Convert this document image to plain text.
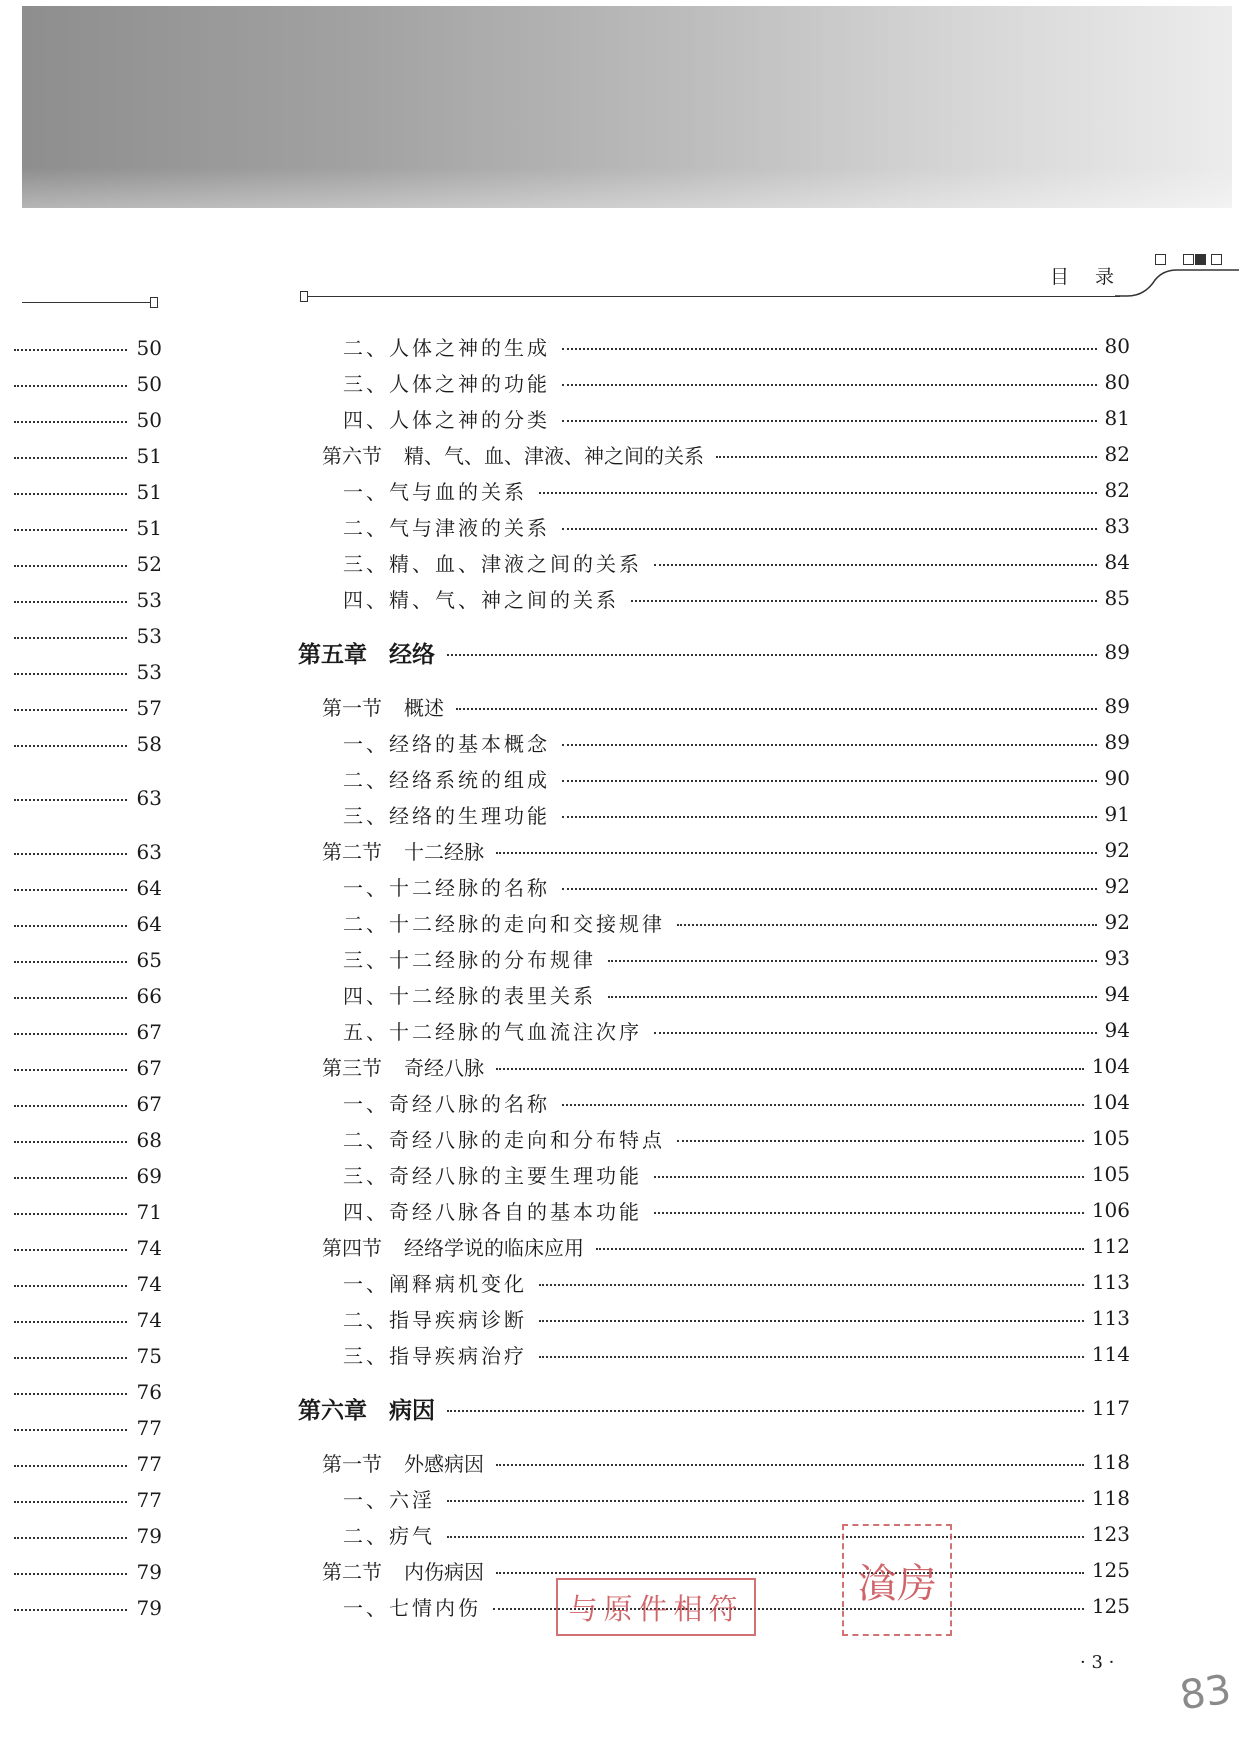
目 录
50
50
50
51
51
51
52
53
53
53
57
58
63
63
64
64
65
66
67
67
67
68
69
71
74
74
74
75
76
77
77
77
79
79
79
二、人体之神的生成	80
三、人体之神的功能	80
四、人体之神的分类	81
第六节 精、气、血、津液、神之间的关系	82
一、气与血的关系	82
二、气与津液的关系	83
三、精、血、津液之间的关系	84
四、精、气、神之间的关系	85
第五章 经络	89
第一节 概述	89
一、经络的基本概念	89
二、经络系统的组成	90
三、经络的生理功能	91
第二节 十二经脉	92
一、十二经脉的名称	92
二、十二经脉的走向和交接规律	92
三、十二经脉的分布规律	93
四、十二经脉的表里关系	94
五、十二经脉的气血流注次序	94
第三节 奇经八脉	104
一、奇经八脉的名称	104
二、奇经八脉的走向和分布特点	105
三、奇经八脉的主要生理功能	105
四、奇经八脉各自的基本功能	106
第四节 经络学说的临床应用	112
一、阐释病机变化	113
二、指导疾病诊断	113
三、指导疾病治疗	114
第六章 病因	117
第一节 外感病因	118
一、六淫	118
二、疠气	123
第二节 内伤病因	125
一、七情内伤	125
· 3 ·
与原件相符
㵅房
83
